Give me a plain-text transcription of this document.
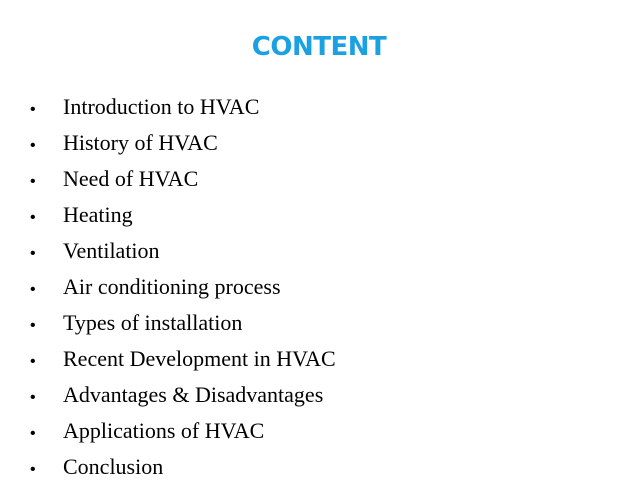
CONTENT
•	Introduction to HVAC
•	History of HVAC
•	Need of HVAC
•	Heating
•	Ventilation
•	Air conditioning process
•	Types of installation
•	Recent Development in HVAC
•	Advantages & Disadvantages
•	Applications of HVAC
•	Conclusion
